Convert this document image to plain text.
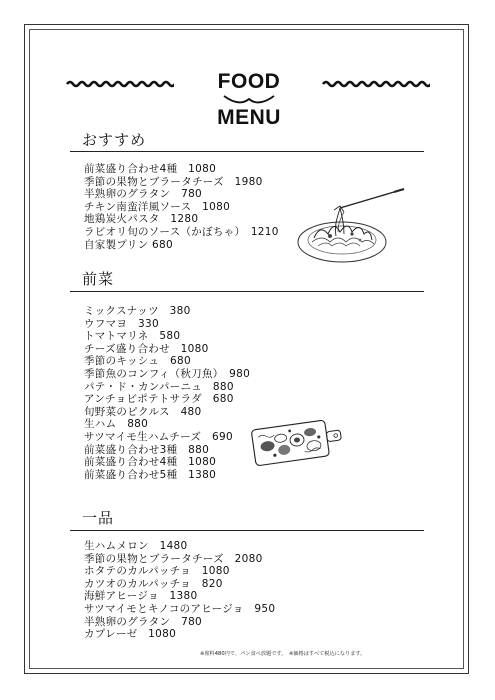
FOOD
MENU
おすすめ
前菜盛り合わせ4種　1080
季節の果物とブラータチーズ　1980
半熟卵のグラタン　780
チキン南蛮洋風ソース　1080
地鶏炭火パスタ　1280
ラビオリ旬のソース（かぼちゃ）　1210
自家製プリン 680
前菜
ミックスナッツ　380
ウフマヨ　330
トマトマリネ　580
チーズ盛り合わせ　1080
季節のキッシュ　680
季節魚のコンフィ（秋刀魚）　980
パテ・ド・カンパーニュ　880
アンチョビポテトサラダ　680
旬野菜のピクルス　480
生ハム　880
サツマイモ生ハムチーズ　690
前菜盛り合わせ3種　880
前菜盛り合わせ4種　1080
前菜盛り合わせ5種　1380
一品
生ハムメロン　1480
季節の果物とブラータチーズ　2080
ホタテのカルパッチョ　1080
カツオのカルパッチョ　820
海鮮アヒージョ　1380
サツマイモとキノコのアヒージョ　950
半熟卵のグラタン　780
カプレーゼ　1080
※席料480円で、パン食べ放題です。　※価格はすべて税込になります。
